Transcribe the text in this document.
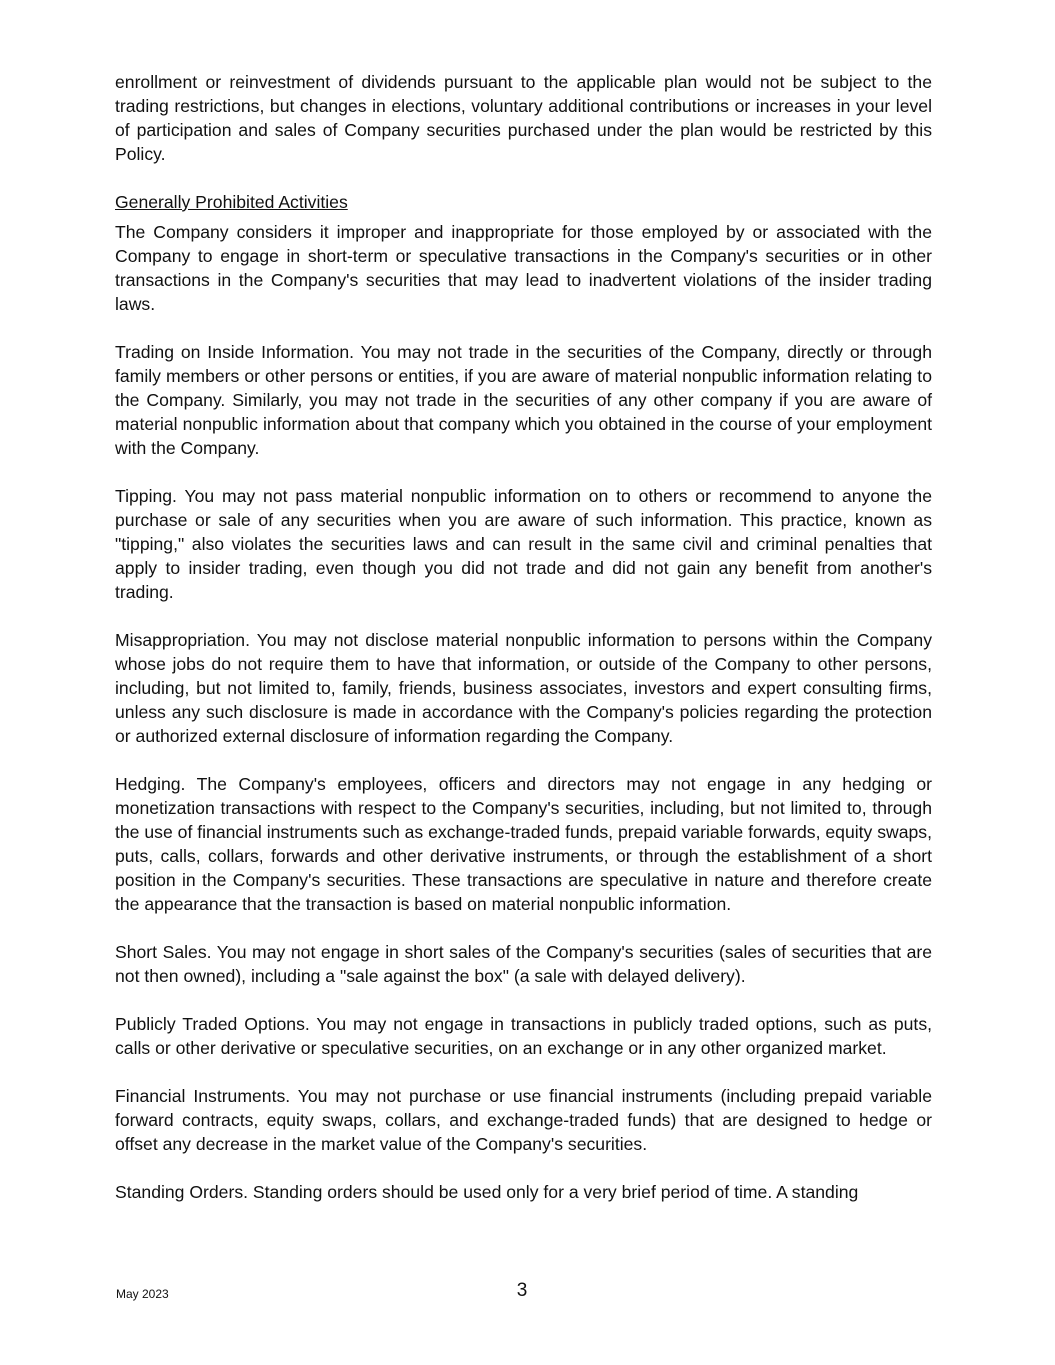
enrollment or reinvestment of dividends pursuant to the applicable plan would not be subject to the trading restrictions, but changes in elections, voluntary additional contributions or increases in your level of participation and sales of Company securities purchased under the plan would be restricted by this Policy.

Generally Prohibited Activities

The Company considers it improper and inappropriate for those employed by or associated with the Company to engage in short-term or speculative transactions in the Company's securities or in other transactions in the Company's securities that may lead to inadvertent violations of the insider trading laws.

Trading on Inside Information. You may not trade in the securities of the Company, directly or through family members or other persons or entities, if you are aware of material nonpublic information relating to the Company. Similarly, you may not trade in the securities of any other company if you are aware of material nonpublic information about that company which you obtained in the course of your employment with the Company.

Tipping. You may not pass material nonpublic information on to others or recommend to anyone the purchase or sale of any securities when you are aware of such information. This practice, known as "tipping," also violates the securities laws and can result in the same civil and criminal penalties that apply to insider trading, even though you did not trade and did not gain any benefit from another's trading.

Misappropriation. You may not disclose material nonpublic information to persons within the Company whose jobs do not require them to have that information, or outside of the Company to other persons, including, but not limited to, family, friends, business associates, investors and expert consulting firms, unless any such disclosure is made in accordance with the Company's policies regarding the protection or authorized external disclosure of information regarding the Company.

Hedging. The Company's employees, officers and directors may not engage in any hedging or monetization transactions with respect to the Company's securities, including, but not limited to, through the use of financial instruments such as exchange-traded funds, prepaid variable forwards, equity swaps, puts, calls, collars, forwards and other derivative instruments, or through the establishment of a short position in the Company's securities. These transactions are speculative in nature and therefore create the appearance that the transaction is based on material nonpublic information.

Short Sales. You may not engage in short sales of the Company's securities (sales of securities that are not then owned), including a "sale against the box" (a sale with delayed delivery).

Publicly Traded Options. You may not engage in transactions in publicly traded options, such as puts, calls or other derivative or speculative securities, on an exchange or in any other organized market.

Financial Instruments. You may not purchase or use financial instruments (including prepaid variable forward contracts, equity swaps, collars, and exchange-traded funds) that are designed to hedge or offset any decrease in the market value of the Company's securities.

Standing Orders. Standing orders should be used only for a very brief period of time. A standing

May 2023	3
